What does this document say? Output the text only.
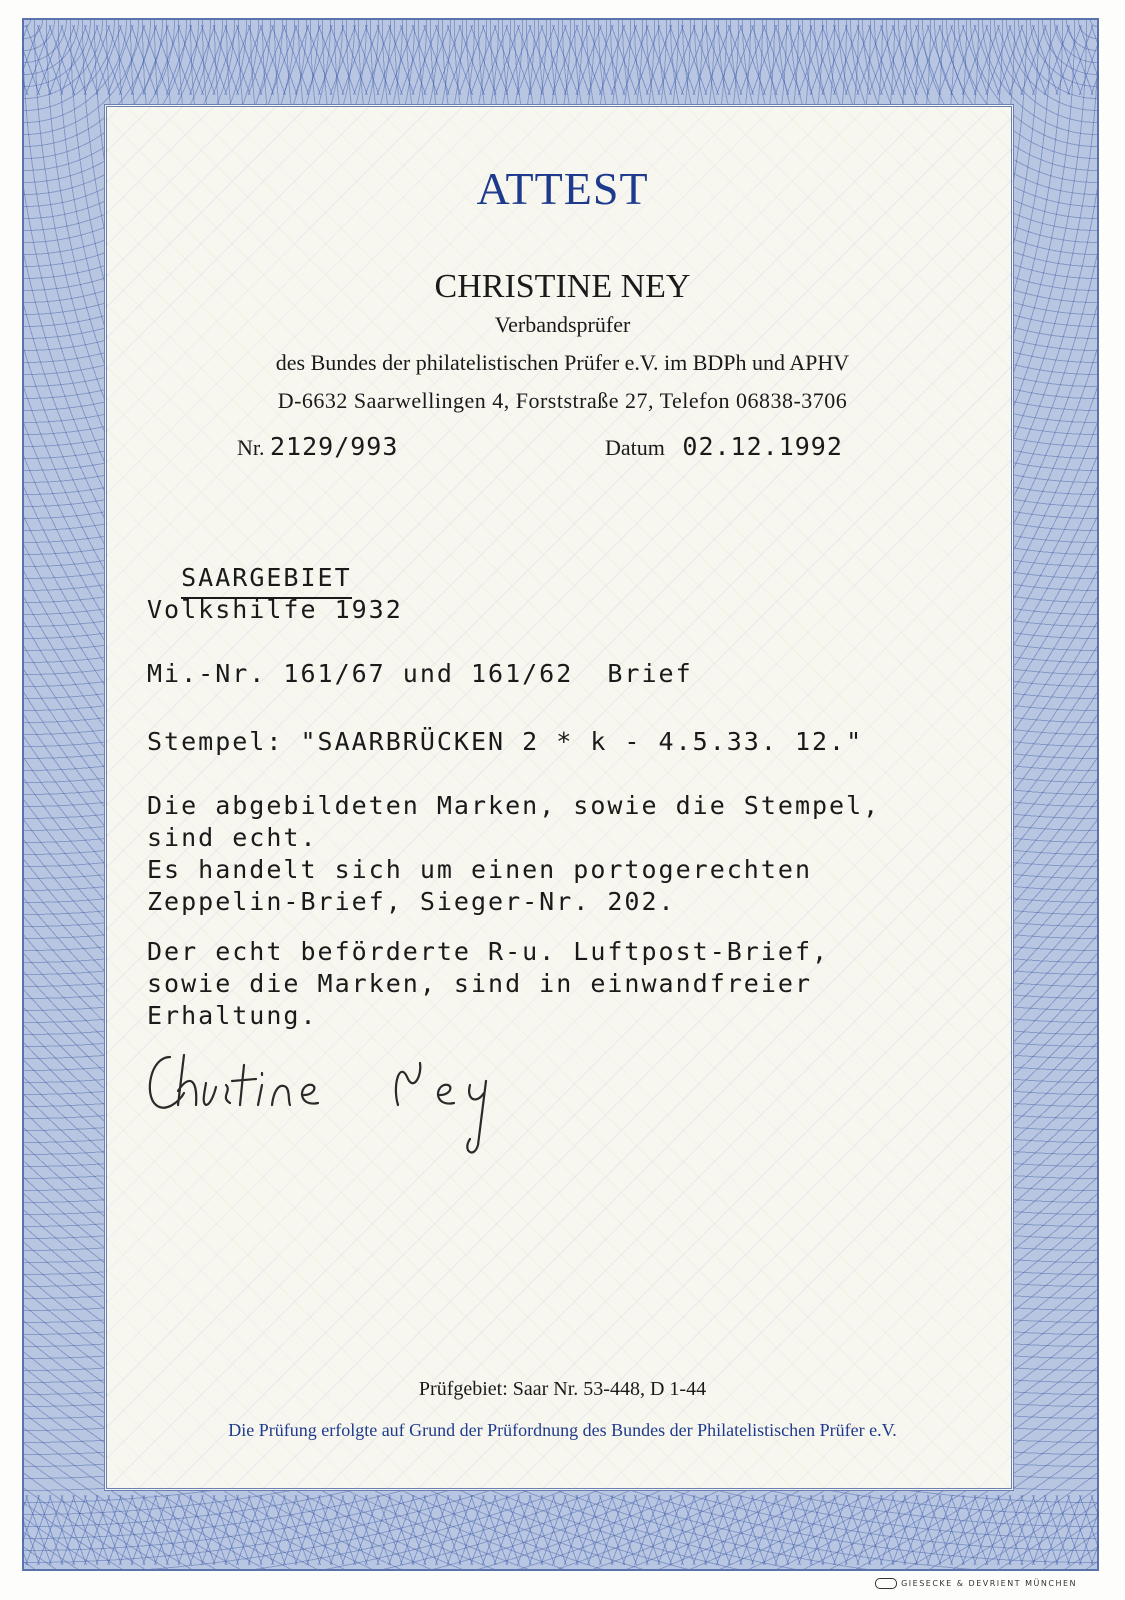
ATTEST
CHRISTINE NEY
Verbandsprüfer
des Bundes der philatelistischen Prüfer e.V. im BDPh und APHV
D-6632 Saarwellingen 4, Forststraße 27, Telefon 06838-3706
Nr. 2129/993	Datum 02.12.1992

SAARGEBIET

Volkshilfe 1932
Mi.-Nr. 161/67 und 161/62  Brief
Stempel: "SAARBRÜCKEN 2 * k - 4.5.33. 12."
Die abgebildeten Marken, sowie die Stempel,
sind echt.
Es handelt sich um einen portogerechten
Zeppelin-Brief, Sieger-Nr. 202.
Der echt beförderte R-u. Luftpost-Brief,
sowie die Marken, sind in einwandfreier
Erhaltung.
Prüfgebiet: Saar Nr. 53-448, D 1-44
Die Prüfung erfolgte auf Grund der Prüfordnung des Bundes der Philatelistischen Prüfer e.V.
GIESECKE & DEVRIENT MÜNCHEN
